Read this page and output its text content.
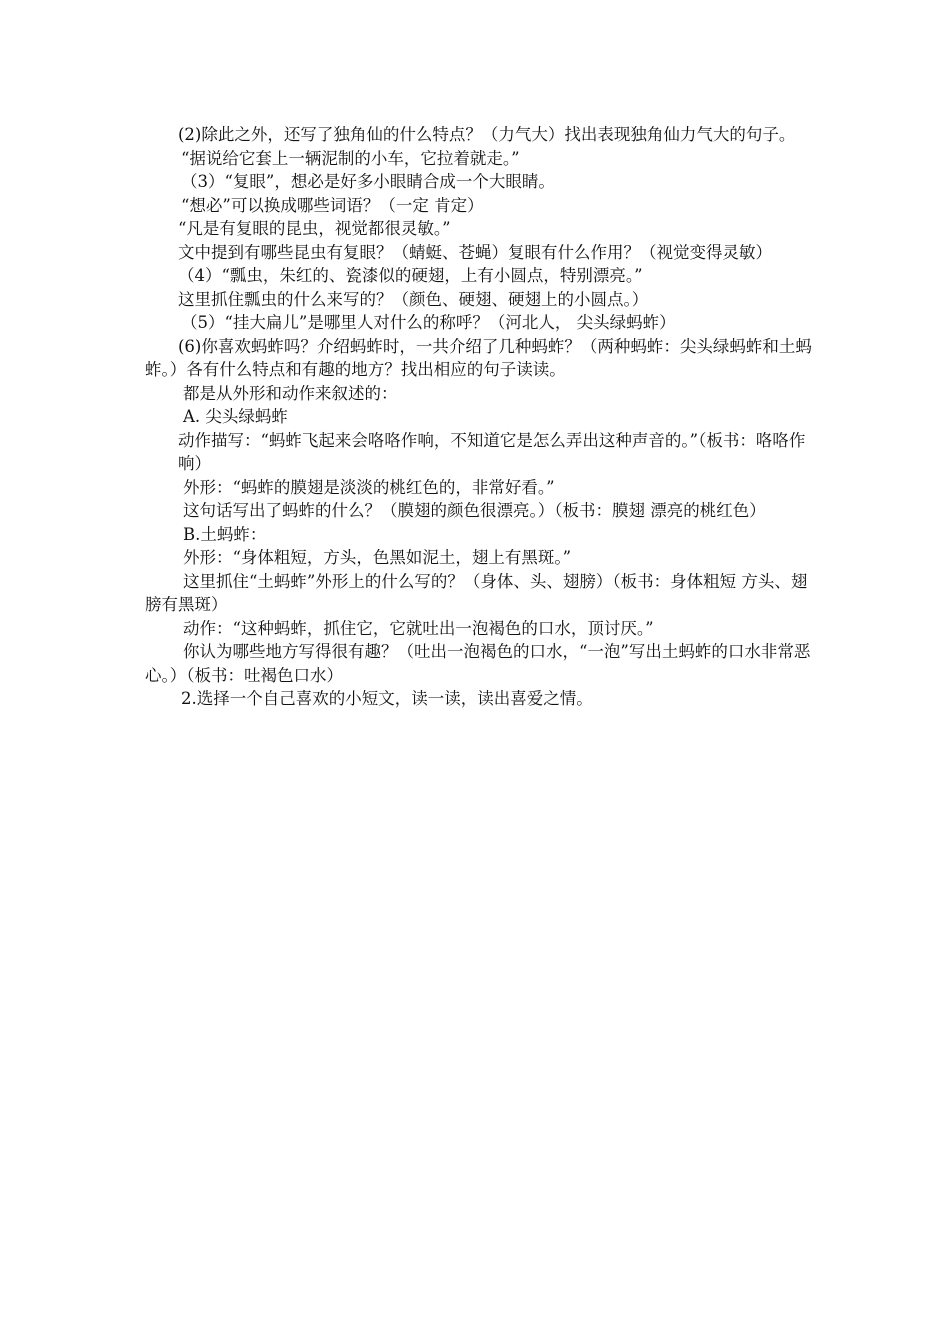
(2)除此之外，还写了独角仙的什么特点？（力气大）找出表现独角仙力气大的句子。

“据说给它套上一辆泥制的小车，它拉着就走。”

（3）“复眼”，想必是好多小眼睛合成一个大眼睛。

“想必”可以换成哪些词语？（一定 肯定）

“凡是有复眼的昆虫，视觉都很灵敏。”

文中提到有哪些昆虫有复眼？（蜻蜓、苍蝇）复眼有什么作用？（视觉变得灵敏）

（4）“瓢虫，朱红的、瓷漆似的硬翅，上有小圆点，特别漂亮。”

这里抓住瓢虫的什么来写的？（颜色、硬翅、硬翅上的小圆点。）

（5）“挂大扁儿”是哪里人对什么的称呼？（河北人， 尖头绿蚂蚱）

(6)你喜欢蚂蚱吗？介绍蚂蚱时，一共介绍了几种蚂蚱？（两种蚂蚱：尖头绿蚂蚱和土蚂蚱。）各有什么特点和有趣的地方？找出相应的句子读读。

都是从外形和动作来叙述的：

A. 尖头绿蚂蚱

动作描写：“蚂蚱飞起来会咯咯作响，不知道它是怎么弄出这种声音的。”（板书：咯咯作响）

外形：“蚂蚱的膜翅是淡淡的桃红色的，非常好看。”

这句话写出了蚂蚱的什么？（膜翅的颜色很漂亮。）（板书：膜翅 漂亮的桃红色）

B.土蚂蚱：

外形：“身体粗短，方头，色黑如泥土，翅上有黑斑。”

这里抓住“土蚂蚱”外形上的什么写的？（身体、头、翅膀）（板书：身体粗短 方头、翅膀有黑斑）

动作：“这种蚂蚱，抓住它，它就吐出一泡褐色的口水，顶讨厌。”

你认为哪些地方写得很有趣？（吐出一泡褐色的口水，“一泡”写出土蚂蚱的口水非常恶心。）（板书：吐褐色口水）

2.选择一个自己喜欢的小短文，读一读，读出喜爱之情。
